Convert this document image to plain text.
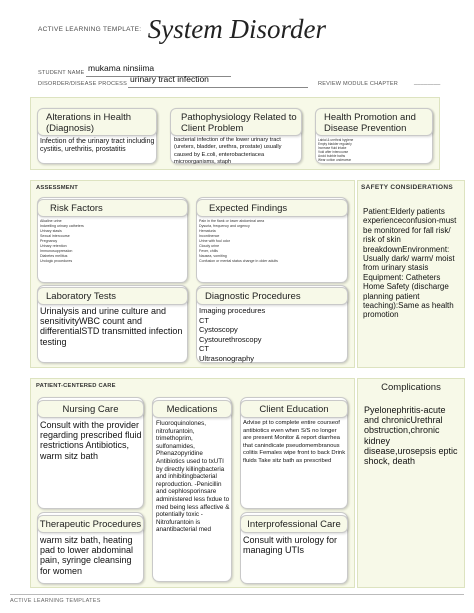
ACTIVE LEARNING TEMPLATE: System Disorder
STUDENT NAME mukama ninsiima
DISORDER/DISEASE PROCESS urinary tract infection	REVIEW MODULE CHAPTER	________
Alterations in Health (Diagnosis)
Infection of the urinary tract including cystitis, urethritis, prostatitis
Pathophysiology Related to Client Problem
bacterial infection of the lower urinary tract (ureters, bladder, urethra, prostate) usually caused by E.coli, enterobacteriacea microorganisms, staph
Health Promotion and Disease Prevention
Labial & urethral hygiene
Empty bladder regularly
Increase fluid intake
Void after intercourse
Avoid bubble baths
Wear cotton underwear
ASSESSMENT
Risk Factors
Alkaline urine
Indwelling urinary catheters
Urinary stasis
Sexual intercourse
Pregnancy
Urinary retention
Immunosuppression
Diabetes mellitus
Urologic procedures
Expected Findings
Pain in the flank or lower abdominal area
Dysuria, frequency and urgency
Hematuria
Incontinence
Urine with foul odor
Cloudy urine
Fever, chills
Nausea, vomiting
Confusion or mental status change in older adults
Laboratory Tests
Urinalysis and urine culture and sensitivityWBC count and differentialSTD transmitted infection testing
Diagnostic Procedures
Imaging procedures
CT
Cystoscopy
Cystourethroscopy
CT
Ultrasonography
SAFETY CONSIDERATIONS
Patient:Elderly patients experienceconfusion-must be monitored for fall risk/ risk of skin breakdownEnvironment: Usually dark/ warm/ moist from urinary stasis Equipment: Catheters Home Safety (discharge planning patient teaching):Same as health promotion
PATIENT-CENTERED CARE
Nursing Care
Consult with the provider regarding prescribed fluid restrictions Antibiotics, warm sitz bath
Medications
Fluoroquinolones, nitrofurantoin, trimethoprim, sulfonamides, Phenazopyridine Antibiotics used to txUTI by directly killingbacteria and inhibitingbacterial reproduction. -Penicillin and cephlosporinsare administered less fxdue to med being less affective & potentially toxic -Nitrofurantoin is anantibacterial med
Client Education
Advise pt to complete entire courseof antibiotics even when S/S no longer are present Monitor & report diarrhea that canindicate pseudomembranous colitis Females wipe front to back Drink fluids Take sitz bath as prescribed
Therapeutic Procedures
warm sitz bath, heating pad to lower abdominal pain, syringe cleansing for women
Interprofessional Care
Consult with urology for managing UTIs
Complications
Pyelonephritis-acute and chronicUrethral obstruction,chronic kidney disease,urosepsis eptic shock, death
ACTIVE LEARNING TEMPLATES
